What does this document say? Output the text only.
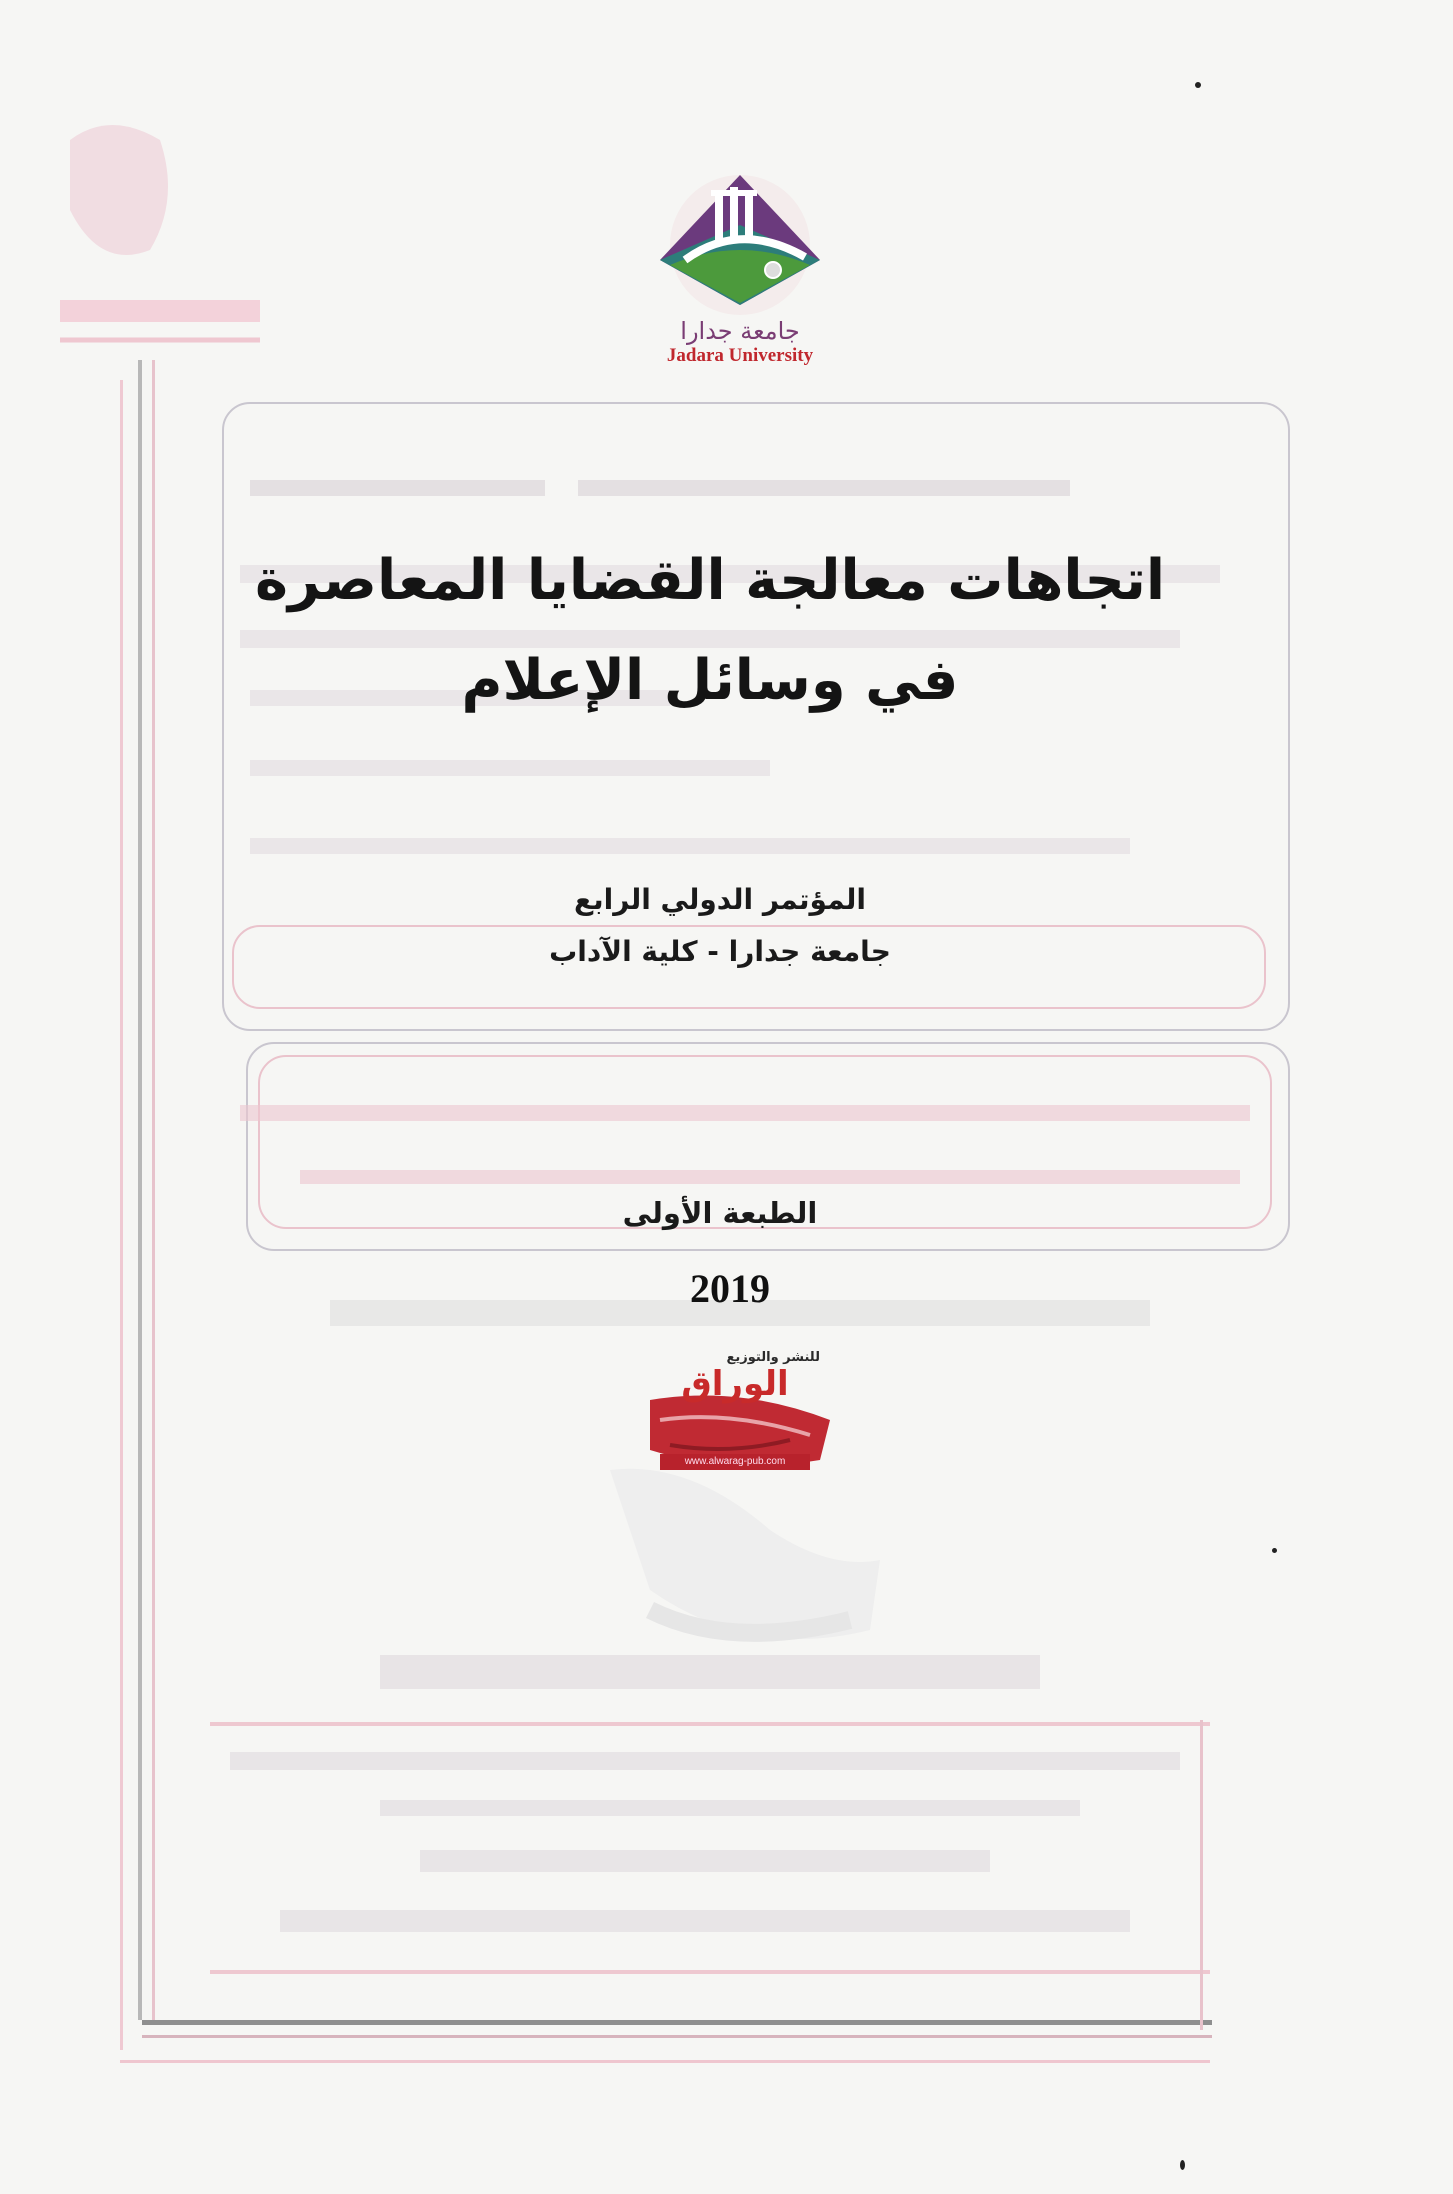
جامعة جدارا
Jadara University
اتجاهات معالجة القضايا المعاصرة
في وسائل الإعلام
المؤتمر الدولي الرابع
جامعة جدارا - كلية الآداب
الطبعة الأولى
2019
للنشر والتوزيع
الوراق
www.alwarag-pub.com
